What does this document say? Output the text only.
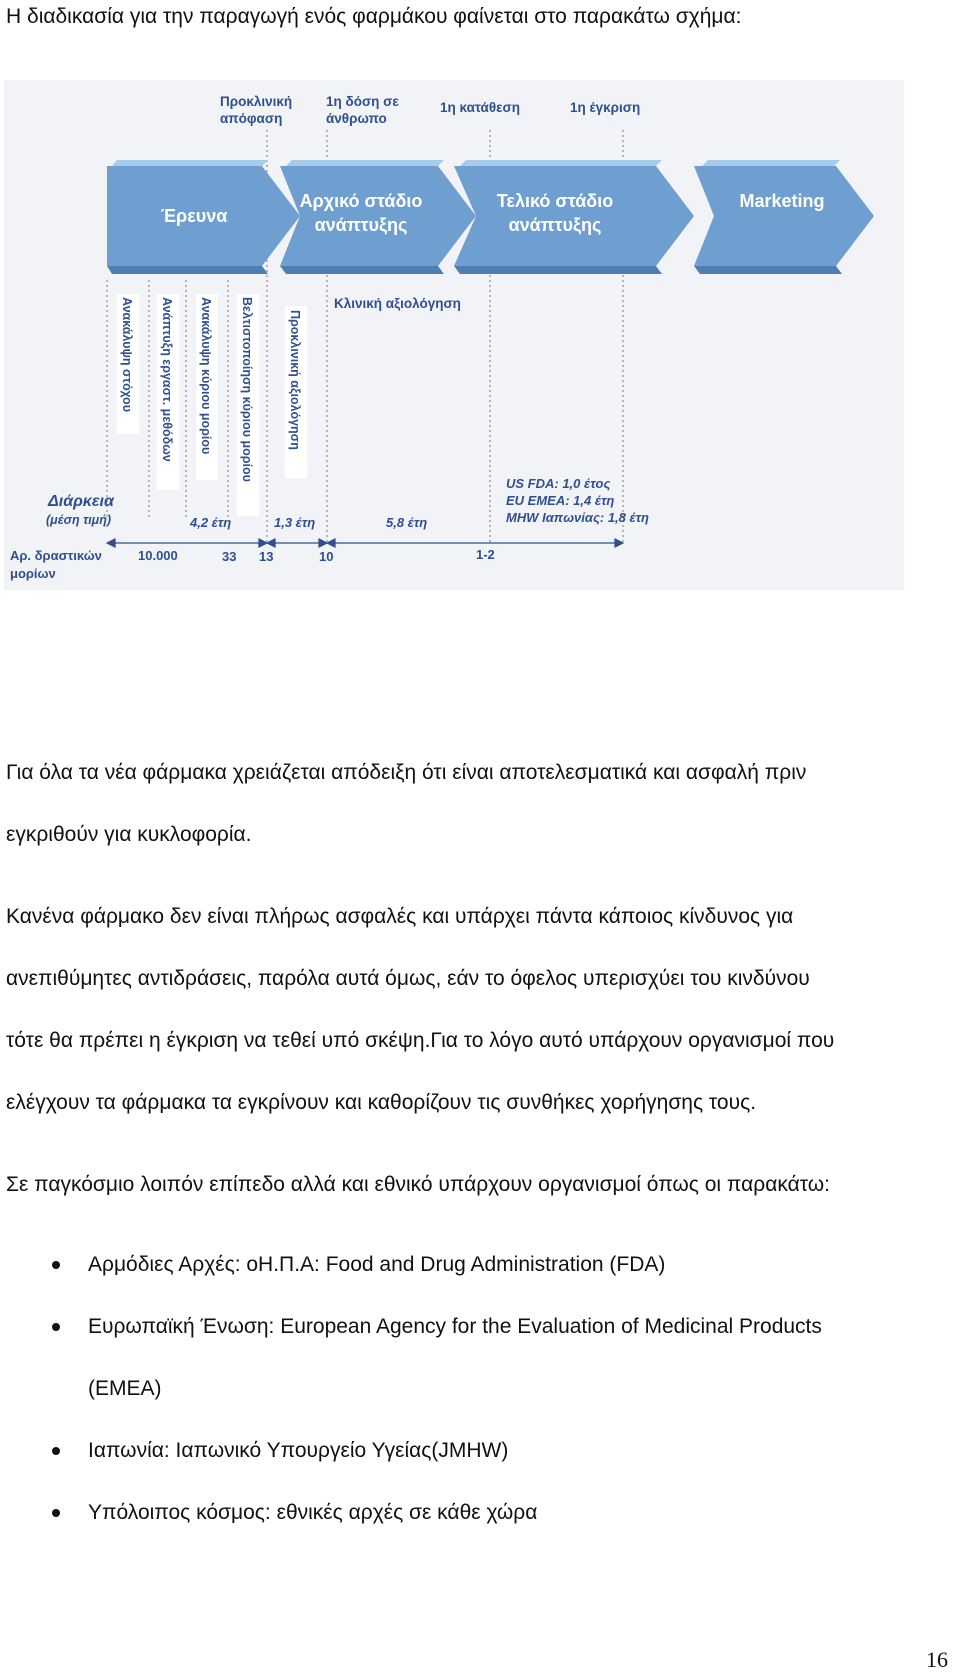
Η διαδικασία για την παραγωγή ενός φαρμάκου φαίνεται στο παρακάτω σχήμα:

Προκλινική
απόφαση
1η δόση σε
άνθρωπο
1η κατάθεση	1η έγκριση
Έρευνα
Αρχικό στάδιο
ανάπτυξης
Τελικό στάδιο
ανάπτυξης
Marketing
Ανακάλυψη στόχου Ανάπτυξη εργαστ. μεθόδων Ανακάλυψη κύριου μορίου Βελτιστοποίηση κύριου μορίου	Προκλινική αξιολόγηση
Κλινική αξιολόγηση
US FDA: 1,0 έτος
EU EMEA: 1,4 έτη
MHW Ιαπωνίας: 1,8 έτη
Διάρκεια
(μέση τιμή)	4,2 έτη	1,3 έτη	5,8 έτη
Αρ. δραστικών
μορίων
10.000	33 13	10	1-2

Για όλα τα νέα φάρμακα χρειάζεται απόδειξη ότι είναι αποτελεσματικά και ασφαλή πριν

εγκριθούν για κυκλοφορία.

Κανένα φάρμακο δεν είναι πλήρως ασφαλές και υπάρχει πάντα κάποιος κίνδυνος για

ανεπιθύμητες αντιδράσεις, παρόλα αυτά όμως, εάν το όφελος υπερισχύει του κινδύνου

τότε θα πρέπει η έγκριση να τεθεί υπό σκέψη.Για το λόγο αυτό υπάρχουν οργανισμοί που

ελέγχουν τα φάρμακα τα εγκρίνουν και καθορίζουν τις συνθήκες χορήγησης τους.

Σε παγκόσμιο λοιπόν επίπεδο αλλά και εθνικό υπάρχουν οργανισμοί όπως οι παρακάτω:

Αρμόδιες Αρχές: οΗ.Π.Α: Food and Drug Administration (FDA)
Ευρωπαϊκή Ένωση: European Agency for the Evaluation of Medicinal Products
(EMEA)
Ιαπωνία: Ιαπωνικό Υπουργείο Υγείας(JMHW)
Υπόλοιπος κόσμος: εθνικές αρχές σε κάθε χώρα
16
